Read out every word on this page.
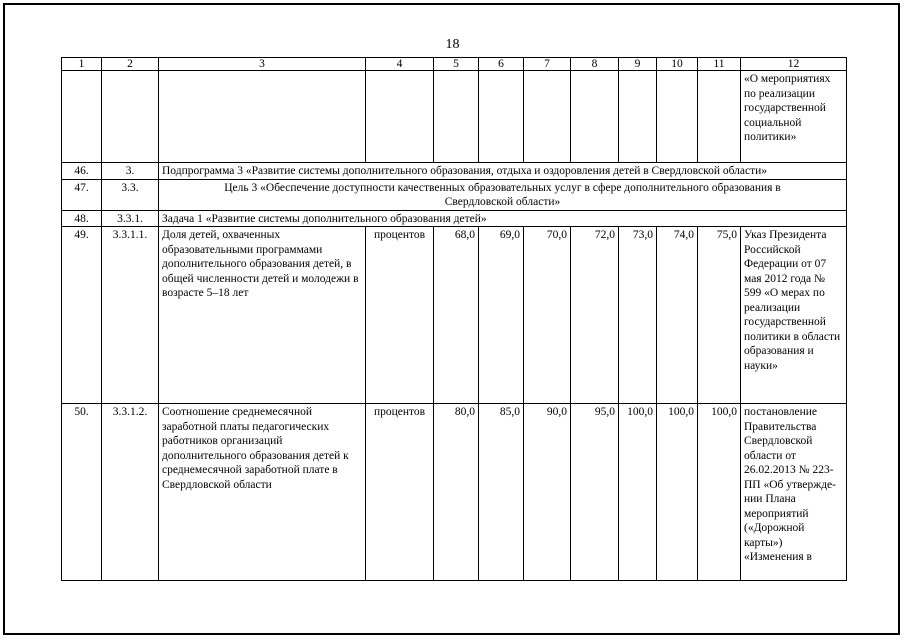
18
1	2	3	4	5	6	7	8	9	10	11	12
											«О мероприятиях по реализации государственной социальной политики»
46.	3.	Подпрограмма 3 «Развитие системы дополнительного образования, отдыха и оздоровления детей в Свердловской области»									
47.	3.3.	Цель 3 «Обеспечение доступности качественных образовательных услуг в сфере дополнительного образования в Свердловской области»									
48.	3.3.1.	Задача 1 «Развитие системы дополнительного образования детей»									
49.	3.3.1.1.	Доля детей, охваченных образовательными программами дополнительного образования детей, в общей численности детей и молодежи в возрасте 5–18 лет	процентов	68,0	69,0	70,0	72,0	73,0	74,0	75,0	Указ Президента Российской Федерации от 07 мая 2012 года № 599 «О мерах по реализации государственной политики в области образования и науки»
50.	3.3.1.2.	Соотношение среднемесячной заработной платы педагогических работников организаций дополнительного образования детей к среднемесячной заработной плате в Свердловской области	процентов	80,0	85,0	90,0	95,0	100,0	100,0	100,0	постановление Правительства Свердловской области от 26.02.2013 № 223-ПП «Об утвержде-нии Плана мероприятий («Дорожной карты») «Изменения в
